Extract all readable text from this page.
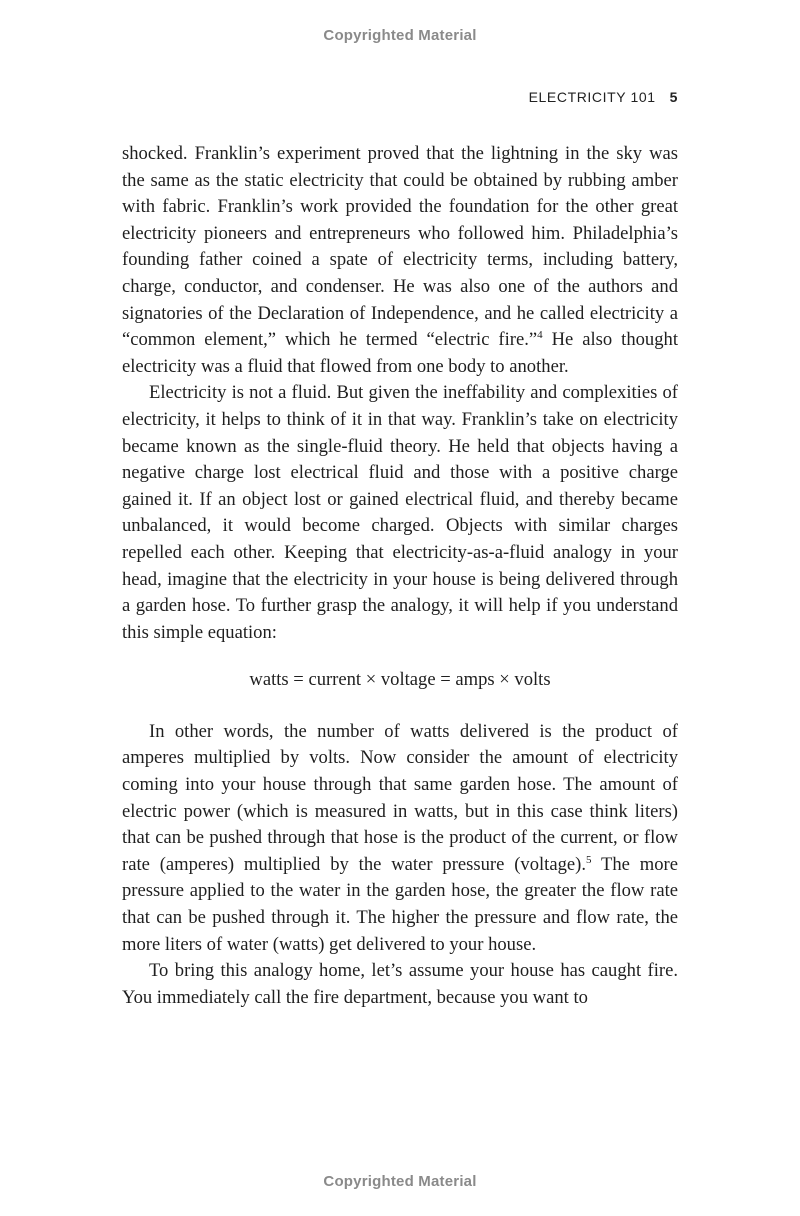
Copyrighted Material
ELECTRICITY 101 5

shocked. Franklin’s experiment proved that the lightning in the sky was the same as the static electricity that could be obtained by rubbing amber with fabric. Franklin’s work provided the foundation for the other great electricity pioneers and entrepreneurs who followed him. Philadelphia’s founding father coined a spate of electricity terms, including battery, charge, conductor, and condenser. He was also one of the authors and signatories of the Declaration of Independence, and he called electricity a “common element,” which he termed “electric fire.”$^4$ He also thought electricity was a fluid that flowed from one body to another.

Electricity is not a fluid. But given the ineffability and complexities of electricity, it helps to think of it in that way. Franklin’s take on electricity became known as the single-fluid theory. He held that objects having a negative charge lost electrical fluid and those with a positive charge gained it. If an object lost or gained electrical fluid, and thereby became unbalanced, it would become charged. Objects with similar charges repelled each other. Keeping that electricity-as-a-fluid analogy in your head, imagine that the electricity in your house is being delivered through a garden hose. To further grasp the analogy, it will help if you understand this simple equation:

watts = current × voltage = amps × volts

In other words, the number of watts delivered is the product of amperes multiplied by volts. Now consider the amount of electricity coming into your house through that same garden hose. The amount of electric power (which is measured in watts, but in this case think liters) that can be pushed through that hose is the product of the current, or flow rate (amperes) multiplied by the water pressure (voltage).$^5$ The more pressure applied to the water in the garden hose, the greater the flow rate that can be pushed through it. The higher the pressure and flow rate, the more liters of water (watts) get delivered to your house.

To bring this analogy home, let’s assume your house has caught fire. You immediately call the fire department, because you want to

Copyrighted Material
